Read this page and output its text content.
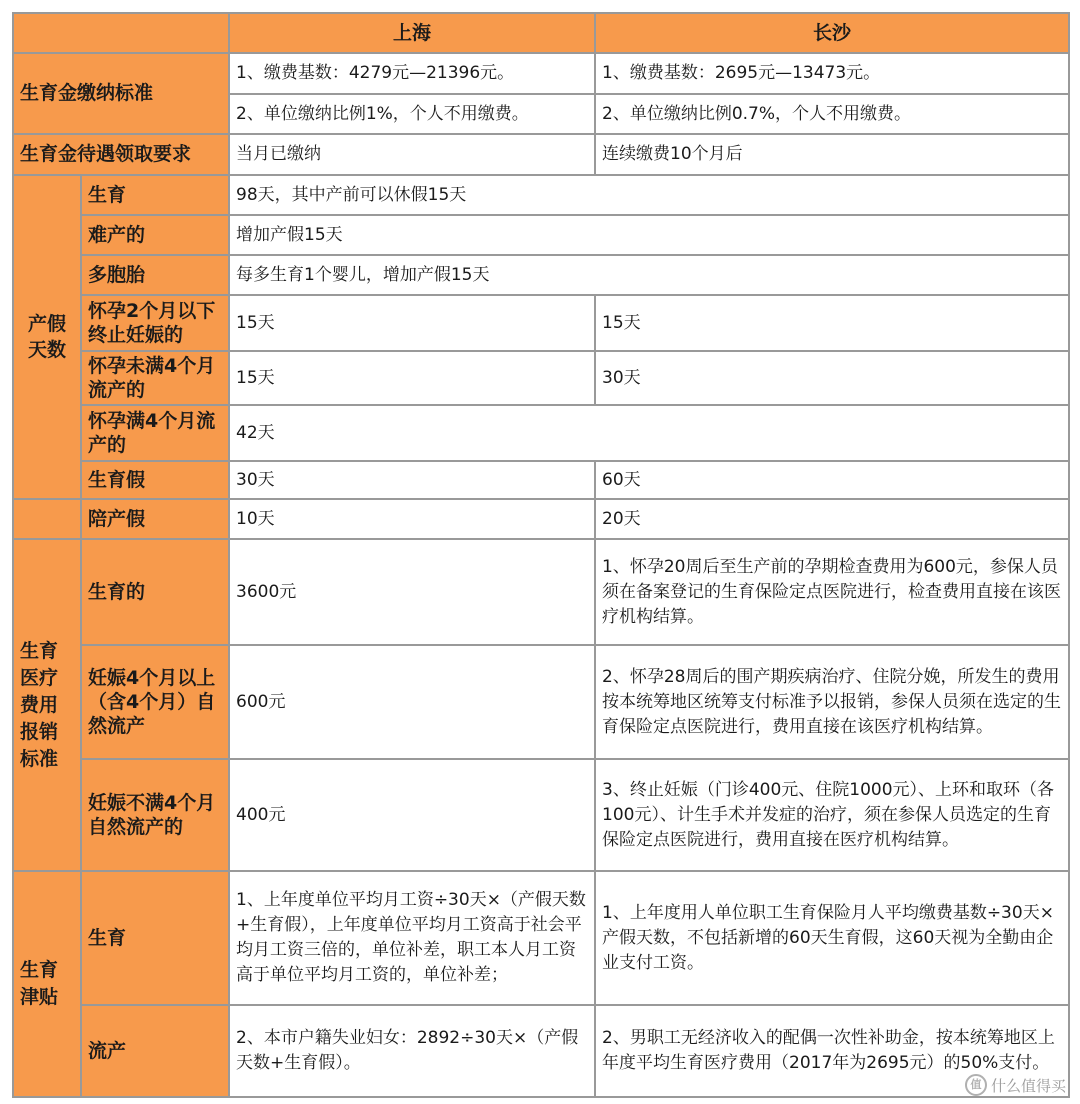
		上海	长沙
生育金缴纳标准		1、缴费基数：4279元—21396元。	1、缴费基数：2695元—13473元。
		2、单位缴纳比例1%，个人不用缴费。	2、单位缴纳比例0.7%，个人不用缴费。
生育金待遇领取要求		当月已缴纳	连续缴费10个月后
产假天数	生育	98天，其中产前可以休假15天	
	难产的	增加产假15天	
	多胞胎	每多生育1个婴儿，增加产假15天	
	怀孕2个月以下终止妊娠的	15天	15天
	怀孕未满4个月流产的	15天	30天
	怀孕满4个月流产的	42天	
	生育假	30天	60天
	陪产假	10天	20天
生育医疗费用报销标准	生育的	3600元	1、怀孕20周后至生产前的孕期检查费用为600元，参保人员须在备案登记的生育保险定点医院进行，检查费用直接在该医疗机构结算。
	妊娠4个月以上（含4个月）自然流产	600元	2、怀孕28周后的围产期疾病治疗、住院分娩，所发生的费用按本统筹地区统筹支付标准予以报销，参保人员须在选定的生育保险定点医院进行，费用直接在该医疗机构结算。
	妊娠不满4个月自然流产的	400元	3、终止妊娠（门诊400元、住院1000元）、上环和取环（各100元）、计生手术并发症的治疗，须在参保人员选定的生育保险定点医院进行，费用直接在医疗机构结算。
生育津贴	生育	1、上年度单位平均月工资÷30天×（产假天数+生育假），上年度单位平均月工资高于社会平均月工资三倍的，单位补差，职工本人月工资高于单位平均月工资的，单位补差；	1、上年度用人单位职工生育保险月人平均缴费基数÷30天×产假天数，不包括新增的60天生育假，这60天视为全勤由企业支付工资。
	流产	2、本市户籍失业妇女：2892÷30天×（产假天数+生育假）。	2、男职工无经济收入的配偶一次性补助金，按本统筹地区上年度平均生育医疗费用（2017年为2695元）的50%支付。
值 什么值得买
